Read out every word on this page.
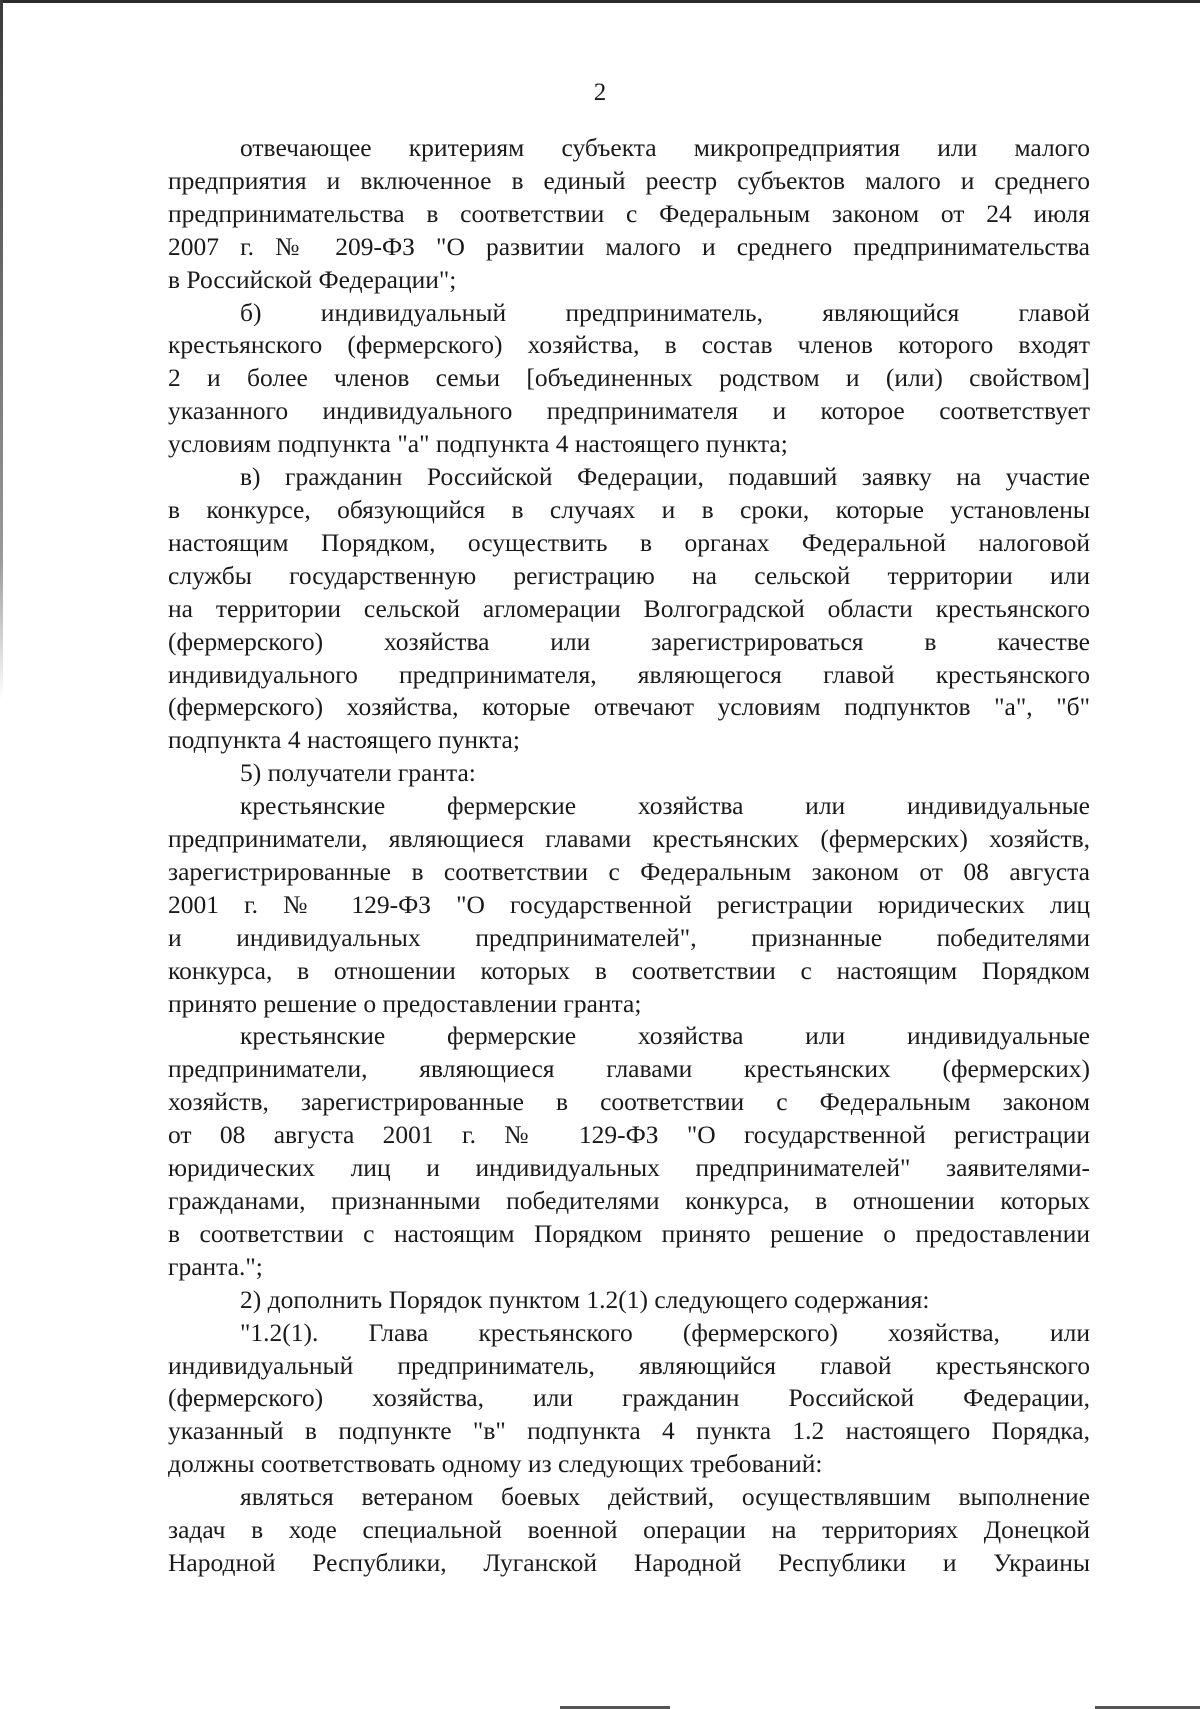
2

отвечающее критериям субъекта микропредприятия или малого

предприятия и включенное в единый реестр субъектов малого и среднего

предпринимательства в соответствии с Федеральным законом от 24 июля

2007 г. № 209-ФЗ "О развитии малого и среднего предпринимательства

в Российской Федерации";

б) индивидуальный предприниматель, являющийся главой

крестьянского (фермерского) хозяйства, в состав членов которого входят

2 и более членов семьи [объединенных родством и (или) свойством]

указанного индивидуального предпринимателя и которое соответствует

условиям подпункта "а" подпункта 4 настоящего пункта;

в) гражданин Российской Федерации, подавший заявку на участие

в конкурсе, обязующийся в случаях и в сроки, которые установлены

настоящим Порядком, осуществить в органах Федеральной налоговой

службы государственную регистрацию на сельской территории или

на территории сельской агломерации Волгоградской области крестьянского

(фермерского) хозяйства или зарегистрироваться в качестве

индивидуального предпринимателя, являющегося главой крестьянского

(фермерского) хозяйства, которые отвечают условиям подпунктов "а", "б"

подпункта 4 настоящего пункта;

5) получатели гранта:

крестьянские фермерские хозяйства или индивидуальные

предприниматели, являющиеся главами крестьянских (фермерских) хозяйств,

зарегистрированные в соответствии с Федеральным законом от 08 августа

2001 г. № 129-ФЗ "О государственной регистрации юридических лиц

и индивидуальных предпринимателей", признанные победителями

конкурса, в отношении которых в соответствии с настоящим Порядком

принято решение о предоставлении гранта;

крестьянские фермерские хозяйства или индивидуальные

предприниматели, являющиеся главами крестьянских (фермерских)

хозяйств, зарегистрированные в соответствии с Федеральным законом

от 08 августа 2001 г. № 129-ФЗ "О государственной регистрации

юридических лиц и индивидуальных предпринимателей" заявителями-

гражданами, признанными победителями конкурса, в отношении которых

в соответствии с настоящим Порядком принято решение о предоставлении

гранта.";

2) дополнить Порядок пунктом 1.2(1) следующего содержания:

"1.2(1). Глава крестьянского (фермерского) хозяйства, или

индивидуальный предприниматель, являющийся главой крестьянского

(фермерского) хозяйства, или гражданин Российской Федерации,

указанный в подпункте "в" подпункта 4 пункта 1.2 настоящего Порядка,

должны соответствовать одному из следующих требований:

являться ветераном боевых действий, осуществлявшим выполнение

задач в ходе специальной военной операции на территориях Донецкой

Народной Республики, Луганской Народной Республики и Украины
